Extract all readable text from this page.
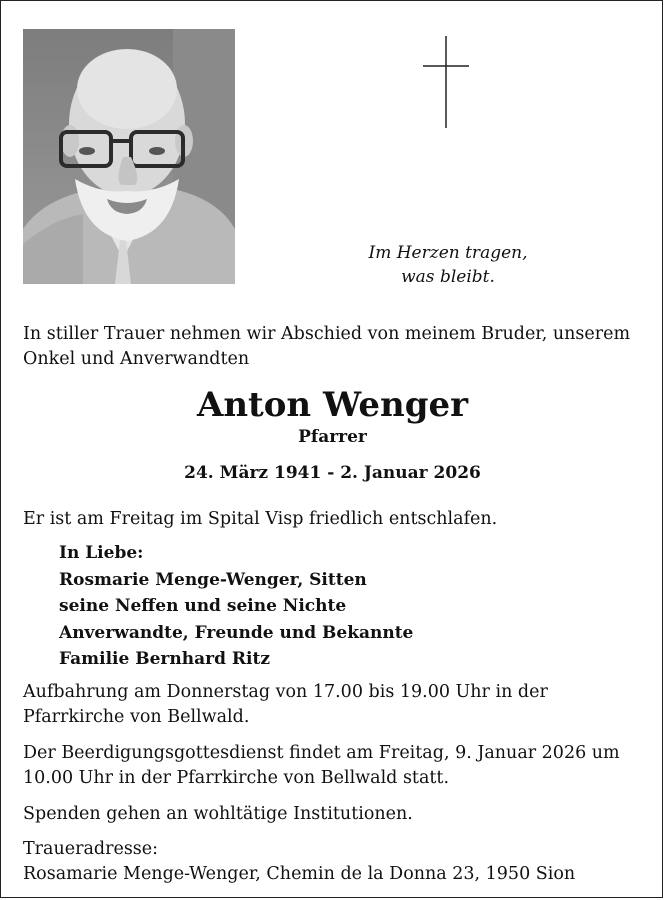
Im Herzen tragen,
was bleibt.

In stiller Trauer nehmen wir Abschied von meinem Bruder, unserem Onkel und Anverwandten

Anton Wenger
Pfarrer
24. März 1941 - 2. Januar 2026

Er ist am Freitag im Spital Visp friedlich entschlafen.

In Liebe:
Rosmarie Menge-Wenger, Sitten
seine Neffen und seine Nichte
Anverwandte, Freunde und Bekannte
Familie Bernhard Ritz

Aufbahrung am Donnerstag von 17.00 bis 19.00 Uhr in der Pfarrkirche von Bellwald.

Der Beerdigungsgottesdienst findet am Freitag, 9. Januar 2026 um 10.00 Uhr in der Pfarrkirche von Bellwald statt.

Spenden gehen an wohltätige Institutionen.

Traueradresse:
Rosamarie Menge-Wenger, Chemin de la Donna 23, 1950 Sion
